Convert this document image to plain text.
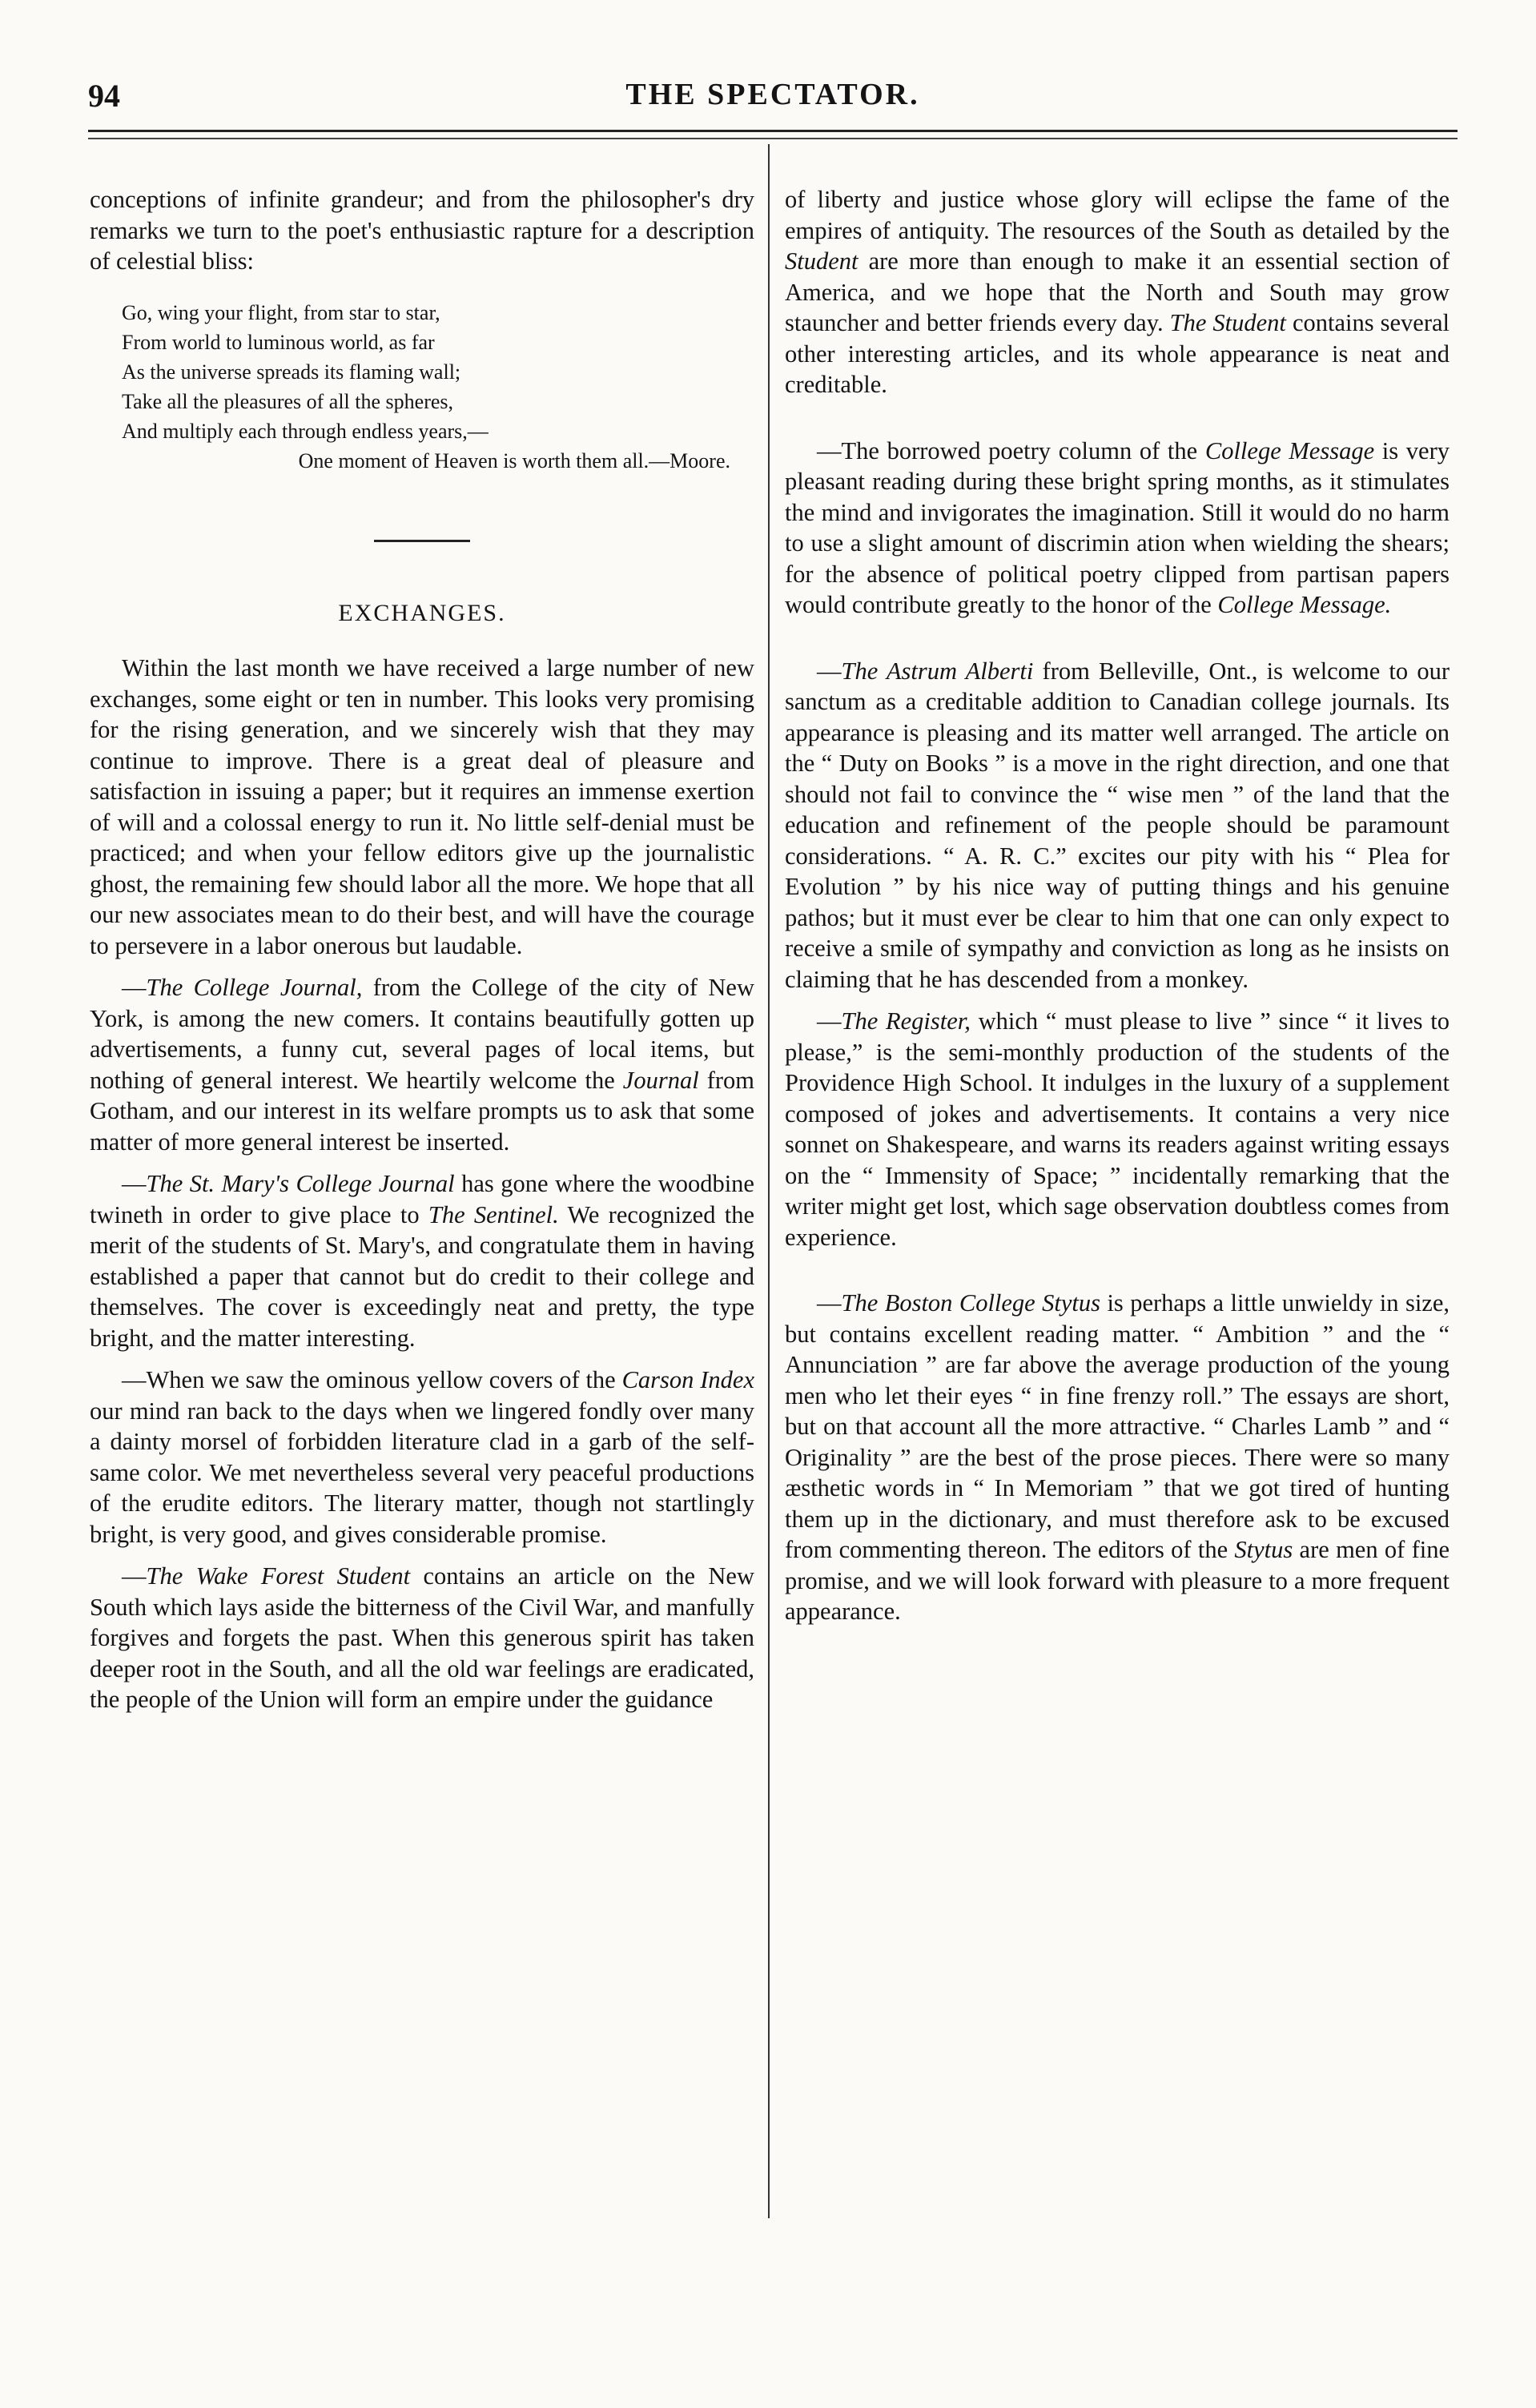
94	THE SPECTATOR.

conceptions of infinite grandeur; and from the philosopher's dry remarks we turn to the poet's enthusiastic rapture for a description of celestial bliss:

Go, wing your flight, from star to star,
From world to luminous world, as far
As the universe spreads its flaming wall;
Take all the pleasures of all the spheres,
And multiply each through endless years,—
One moment of Heaven is worth them all.—Moore.
EXCHANGES.

Within the last month we have received a large number of new exchanges, some eight or ten in number. This looks very promising for the rising generation, and we sincerely wish that they may continue to improve. There is a great deal of pleasure and satisfaction in issuing a paper; but it requires an immense exertion of will and a colossal energy to run it. No little self-denial must be practiced; and when your fellow editors give up the journalistic ghost, the remaining few should labor all the more. We hope that all our new associates mean to do their best, and will have the courage to persevere in a labor onerous but laudable.

—The College Journal, from the College of the city of New York, is among the new comers. It contains beautifully gotten up advertisements, a funny cut, several pages of local items, but nothing of general interest. We heartily welcome the Journal from Gotham, and our interest in its welfare prompts us to ask that some matter of more general interest be inserted.

—The St. Mary's College Journal has gone where the woodbine twineth in order to give place to The Sentinel. We recognized the merit of the students of St. Mary's, and congratulate them in having established a paper that cannot but do credit to their college and themselves. The cover is exceedingly neat and pretty, the type bright, and the matter interesting.

—When we saw the ominous yellow covers of the Carson Index our mind ran back to the days when we lingered fondly over many a dainty morsel of forbidden literature clad in a garb of the self-same color. We met nevertheless several very peaceful productions of the erudite editors. The literary matter, though not startlingly bright, is very good, and gives considerable promise.

—The Wake Forest Student contains an article on the New South which lays aside the bitterness of the Civil War, and manfully forgives and forgets the past. When this generous spirit has taken deeper root in the South, and all the old war feelings are eradicated, the people of the Union will form an empire under the guidance

of liberty and justice whose glory will eclipse the fame of the empires of antiquity. The resources of the South as detailed by the Student are more than enough to make it an essential section of America, and we hope that the North and South may grow stauncher and better friends every day. The Student contains several other interesting articles, and its whole appearance is neat and creditable.

—The borrowed poetry column of the College Message is very pleasant reading during these bright spring months, as it stimulates the mind and invigorates the imagination. Still it would do no harm to use a slight amount of discrimin ation when wielding the shears; for the absence of political poetry clipped from partisan papers would contribute greatly to the honor of the College Message.

—The Astrum Alberti from Belleville, Ont., is welcome to our sanctum as a creditable addition to Canadian college journals. Its appearance is pleasing and its matter well arranged. The article on the “ Duty on Books ” is a move in the right direction, and one that should not fail to convince the “ wise men ” of the land that the education and refinement of the people should be paramount considerations. “ A. R. C.” excites our pity with his “ Plea for Evolution ” by his nice way of putting things and his genuine pathos; but it must ever be clear to him that one can only expect to receive a smile of sympathy and conviction as long as he insists on claiming that he has descended from a monkey.

—The Register, which “ must please to live ” since “ it lives to please,” is the semi-monthly production of the students of the Providence High School. It indulges in the luxury of a supplement composed of jokes and advertisements. It contains a very nice sonnet on Shakespeare, and warns its readers against writing essays on the “ Immensity of Space; ” incidentally remarking that the writer might get lost, which sage observation doubtless comes from experience.

—The Boston College Stytus is perhaps a little unwieldy in size, but contains excellent reading matter. “ Ambition ” and the “ Annunciation ” are far above the average production of the young men who let their eyes “ in fine frenzy roll.” The essays are short, but on that account all the more attractive. “ Charles Lamb ” and “ Originality ” are the best of the prose pieces. There were so many æsthetic words in “ In Memoriam ” that we got tired of hunting them up in the dictionary, and must therefore ask to be excused from commenting thereon. The editors of the Stytus are men of fine promise, and we will look forward with pleasure to a more frequent appearance.
